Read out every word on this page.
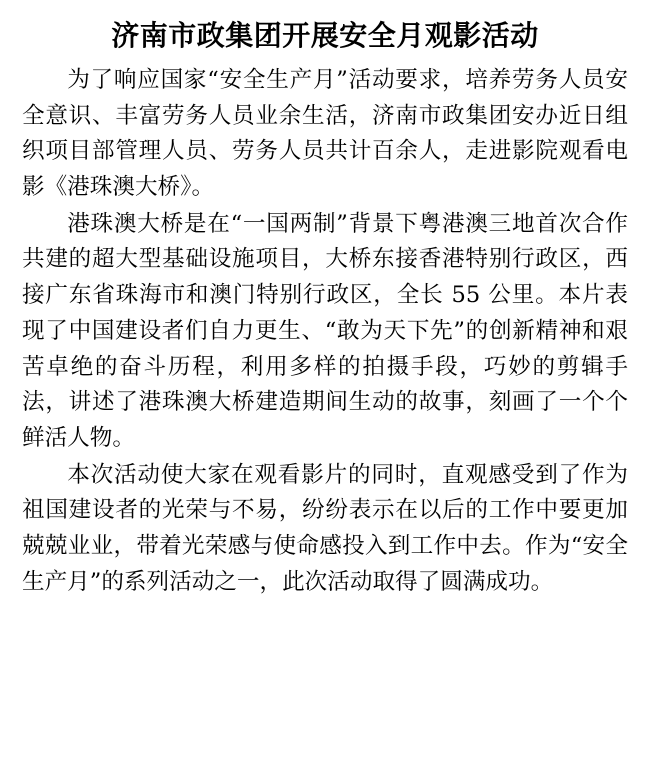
济南市政集团开展安全月观影活动

为了响应国家“安全生产月”活动要求，培养劳务人员安全意识、丰富劳务人员业余生活，济南市政集团安办近日组织项目部管理人员、劳务人员共计百余人，走进影院观看电影《港珠澳大桥》。

港珠澳大桥是在“一国两制”背景下粤港澳三地首次合作共建的超大型基础设施项目，大桥东接香港特别行政区，西接广东省珠海市和澳门特别行政区，全长 55 公里。本片表现了中国建设者们自力更生、“敢为天下先”的创新精神和艰苦卓绝的奋斗历程，利用多样的拍摄手段，巧妙的剪辑手法，讲述了港珠澳大桥建造期间生动的故事，刻画了一个个鲜活人物。

本次活动使大家在观看影片的同时，直观感受到了作为祖国建设者的光荣与不易，纷纷表示在以后的工作中要更加兢兢业业，带着光荣感与使命感投入到工作中去。作为“安全生产月”的系列活动之一，此次活动取得了圆满成功。
